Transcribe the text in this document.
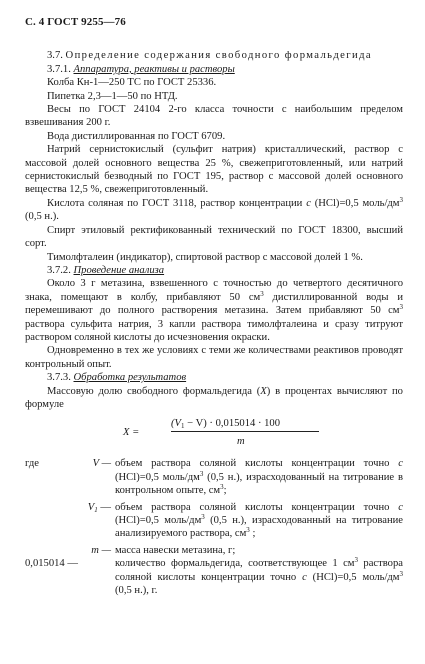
С. 4 ГОСТ 9255—76
3.7. Определение содержания свободного формальдегида
3.7.1. Аппаратура, реактивы и растворы
Колба Кн-1—250 ТС по ГОСТ 25336.
Пипетка 2,3—1—50 по НТД.
Весы по ГОСТ 24104 2-го класса точности с наибольшим пределом взвешивания 200 г.
Вода дистиллированная по ГОСТ 6709.
Натрий сернистокислый (сульфит натрия) кристаллический, раствор с массовой долей основного вещества 25 %, свежеприготовленный, или натрий сернистокислый безводный по ГОСТ 195, раствор с массовой долей основного вещества 12,5 %, свежеприготовленный.
Кислота соляная по ГОСТ 3118, раствор концентрации c (HCl)=0,5 моль/$дм^3$ (0,5 н.).
Спирт этиловый ректификованный технический по ГОСТ 18300, высший сорт.
Тимолфталеин (индикатор), спиртовой раствор с массовой долей 1 %.
3.7.2. Проведение анализа
Около 3 г метазина, взвешенного с точностью до четвертого десятичного знака, помещают в колбу, прибавляют 50 $см^3$ дистиллированной воды и перемешивают до полного растворения метазина. Затем прибавляют 50 $см^3$ раствора сульфита натрия, 3 капли раствора тимолфталеина и сразу титруют раствором соляной кислоты до исчезновения окраски.
Одновременно в тех же условиях с теми же количествами реактивов проводят контрольный опыт.
3.7.3. Обработка результатов
Массовую долю свободного формальдегида (X) в процентах вычисляют по формуле
X =
$(V_1 - V) \cdot 0,015014 \cdot 100$
m
где	V — объем раствора соляной кислоты концентрации точно c (HCl)=0,5 моль/$дм^3$ (0,5 н.), израсходованный на титрование в контрольном опыте, $см^3$;
$V_1$ — объем раствора соляной кислоты концентрации точно c (HCl)=0,5 моль/$дм^3$ (0,5 н.), израсходованный на титрование анализируемого раствора, $см^3$ ;
m — масса навески метазина, г;
0,015014 —	количество формальдегида, соответствующее 1 $см^3$ раствора соляной кислоты концентрации точно c (HCl)=0,5 моль/$дм^3$ (0,5 н.), г.
